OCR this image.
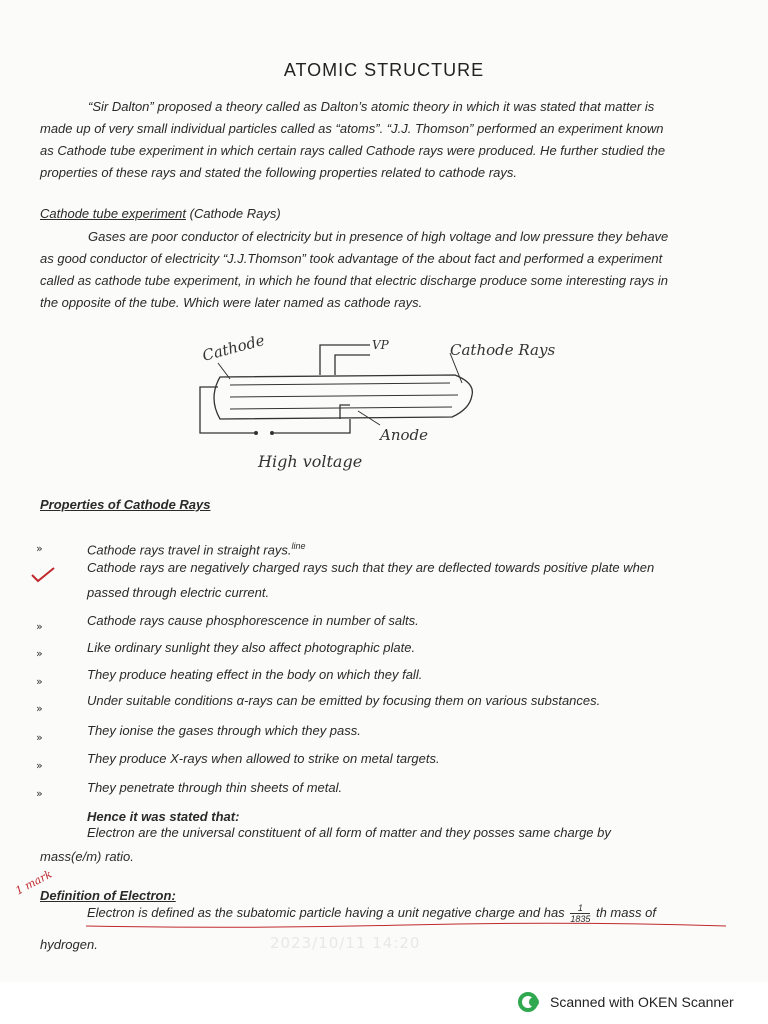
ATOMIC STRUCTURE
“Sir Dalton” proposed a theory called as Dalton’s atomic theory in which it was stated that matter is
made up of very small individual particles called as “atoms”. “J.J. Thomson” performed an experiment known
as Cathode tube experiment in which certain rays called Cathode rays were produced. He further studied the
properties of these rays and stated the following properties related to cathode rays.
Cathode tube experiment (Cathode Rays)
Gases are poor conductor of electricity but in presence of high voltage and low pressure they behave
as good conductor of electricity “J.J.Thomson” took advantage of the about fact and performed a experiment
called as cathode tube experiment, in which he found that electric discharge produce some interesting rays in
the opposite of the tube. Which were later named as cathode rays.
Cathode	VP	Cathode Rays
Anode
High voltage
Properties of Cathode Rays
»	Cathode rays travel in straight rays.$^{line}$
Cathode rays are negatively charged rays such that they are deflected towards positive plate when
passed through electric current.
»	Cathode rays cause phosphorescence in number of salts.
»	Like ordinary sunlight they also affect photographic plate.
»	They produce heating effect in the body on which they fall.
»
Under suitable conditions α-rays can be emitted by focusing them on various substances.
»	They ionise the gases through which they pass.
»	They produce X-rays when allowed to strike on metal targets.
»	They penetrate through thin sheets of metal.
Hence it was stated that:
Electron are the universal constituent of all form of matter and they posses same charge by
mass(e/m) ratio.
1 mark
Definition of Electron:
Electron is defined as the subatomic particle having a unit negative charge and has $\frac{1}{1835}$ th mass of
hydrogen.	2023/10/11 14:20
Scanned with OKEN Scanner
